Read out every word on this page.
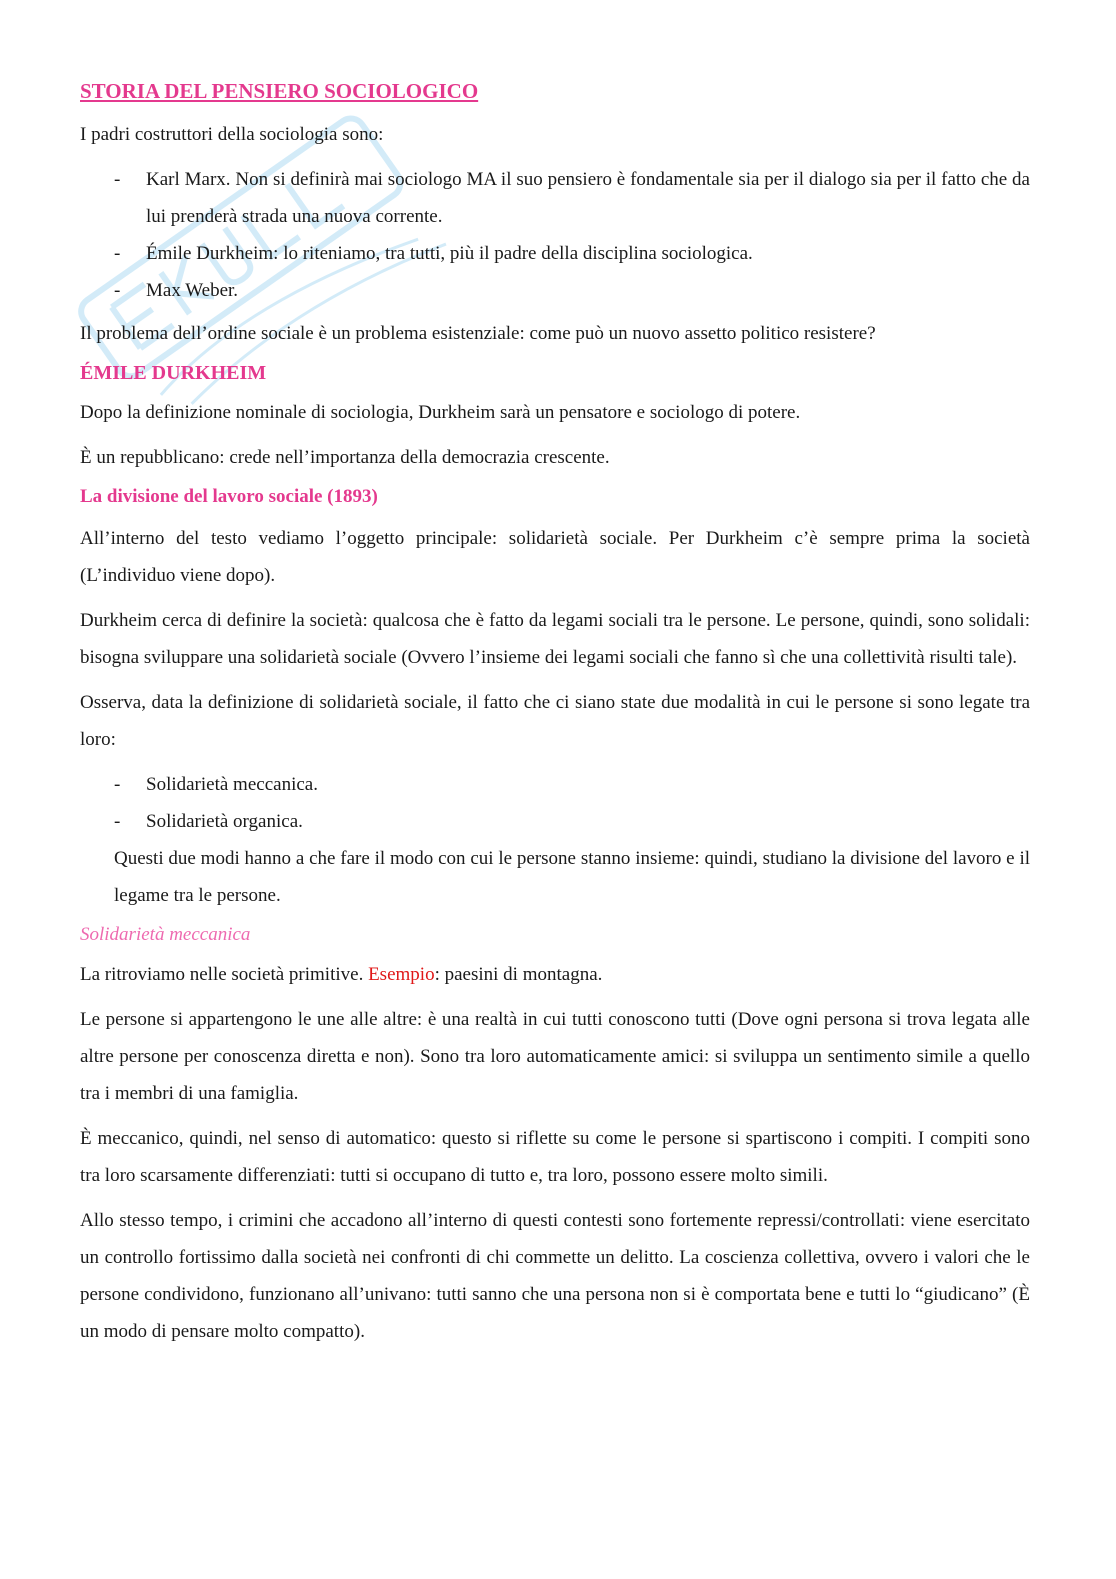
STORIA DEL PENSIERO SOCIOLOGICO

I padri costruttori della sociologia sono:

- Karl Marx. Non si definirà mai sociologo MA il suo pensiero è fondamentale sia per il dialogo sia per il fatto che da lui prenderà strada una nuova corrente.
- Émile Durkheim: lo riteniamo, tra tutti, più il padre della disciplina sociologica.
- Max Weber.

Il problema dell’ordine sociale è un problema esistenziale: come può un nuovo assetto politico resistere?

ÉMILE DURKHEIM

Dopo la definizione nominale di sociologia, Durkheim sarà un pensatore e sociologo di potere.

È un repubblicano: crede nell’importanza della democrazia crescente.

La divisione del lavoro sociale (1893)

All’interno del testo vediamo l’oggetto principale: solidarietà sociale. Per Durkheim c’è sempre prima la società (L’individuo viene dopo).

Durkheim cerca di definire la società: qualcosa che è fatto da legami sociali tra le persone. Le persone, quindi, sono solidali: bisogna sviluppare una solidarietà sociale (Ovvero l’insieme dei legami sociali che fanno sì che una collettività risulti tale).

Osserva, data la definizione di solidarietà sociale, il fatto che ci siano state due modalità in cui le persone si sono legate tra loro:

- Solidarietà meccanica.
- Solidarietà organica.

Questi due modi hanno a che fare il modo con cui le persone stanno insieme: quindi, studiano la divisione del lavoro e il legame tra le persone.

Solidarietà meccanica

La ritroviamo nelle società primitive. Esempio: paesini di montagna.

Le persone si appartengono le une alle altre: è una realtà in cui tutti conoscono tutti (Dove ogni persona si trova legata alle altre persone per conoscenza diretta e non). Sono tra loro automaticamente amici: si sviluppa un sentimento simile a quello tra i membri di una famiglia.

È meccanico, quindi, nel senso di automatico: questo si riflette su come le persone si spartiscono i compiti. I compiti sono tra loro scarsamente differenziati: tutti si occupano di tutto e, tra loro, possono essere molto simili.

Allo stesso tempo, i crimini che accadono all’interno di questi contesti sono fortemente repressi/controllati: viene esercitato un controllo fortissimo dalla società nei confronti di chi commette un delitto. La coscienza collettiva, ovvero i valori che le persone condividono, funzionano all’univano: tutti sanno che una persona non si è comportata bene e tutti lo “giudicano” (È un modo di pensare molto compatto).
